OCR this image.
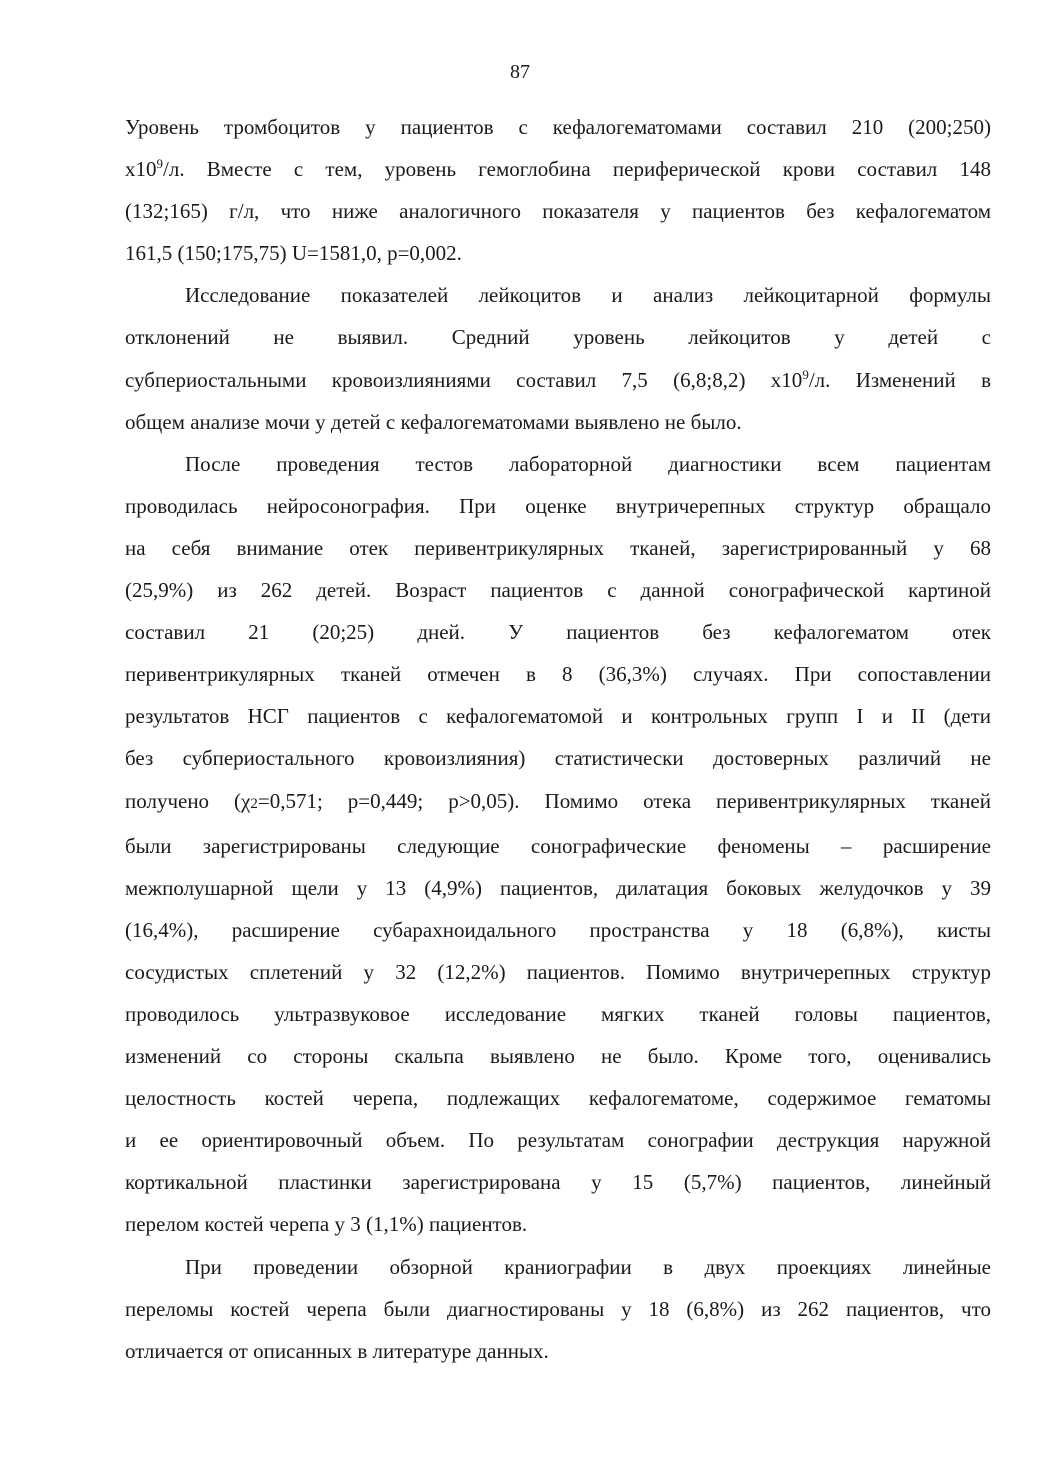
87
Уровень тромбоцитов у пациентов с кефалогематомами составил 210 (200;250)
$х10^9/л$. Вместе с тем, уровень гемоглобина периферической крови составил 148
(132;165) г/л, что ниже аналогичного показателя у пациентов без кефалогематом
161,5 (150;175,75) U=1581,0, p=0,002.
Исследование показателей лейкоцитов и анализ лейкоцитарной формулы
отклонений не выявил. Средний уровень лейкоцитов у детей с
субпериостальными кровоизлияниями составил 7,5 (6,8;8,2) $х10^9/л$. Изменений в
общем анализе мочи у детей с кефалогематомами выявлено не было.
После проведения тестов лабораторной диагностики всем пациентам
проводилась нейросонография. При оценке внутричерепных структур обращало
на себя внимание отек перивентрикулярных тканей, зарегистрированный у 68
(25,9%) из 262 детей. Возраст пациентов с данной сонографической картиной
составил 21 (20;25) дней. У пациентов без кефалогематом отек
перивентрикулярных тканей отмечен в 8 (36,3%) случаях. При сопоставлении
результатов НСГ пациентов с кефалогематомой и контрольных групп I и II (дети
без субпериостального кровоизлияния) статистически достоверных различий не
получено (χ2=0,571; p=0,449; p>0,05). Помимо отека перивентрикулярных тканей
были зарегистрированы следующие сонографические феномены – расширение
межполушарной щели у 13 (4,9%) пациентов, дилатация боковых желудочков у 39
(16,4%), расширение субарахноидального пространства у 18 (6,8%), кисты
сосудистых сплетений у 32 (12,2%) пациентов. Помимо внутричерепных структур
проводилось ультразвуковое исследование мягких тканей головы пациентов,
изменений со стороны скальпа выявлено не было. Кроме того, оценивались
целостность костей черепа, подлежащих кефалогематоме, содержимое гематомы
и ее ориентировочный объем. По результатам сонографии деструкция наружной
кортикальной пластинки зарегистрирована у 15 (5,7%) пациентов, линейный
перелом костей черепа у 3 (1,1%) пациентов.
При проведении обзорной краниографии в двух проекциях линейные
переломы костей черепа были диагностированы у 18 (6,8%) из 262 пациентов, что
отличается от описанных в литературе данных.
